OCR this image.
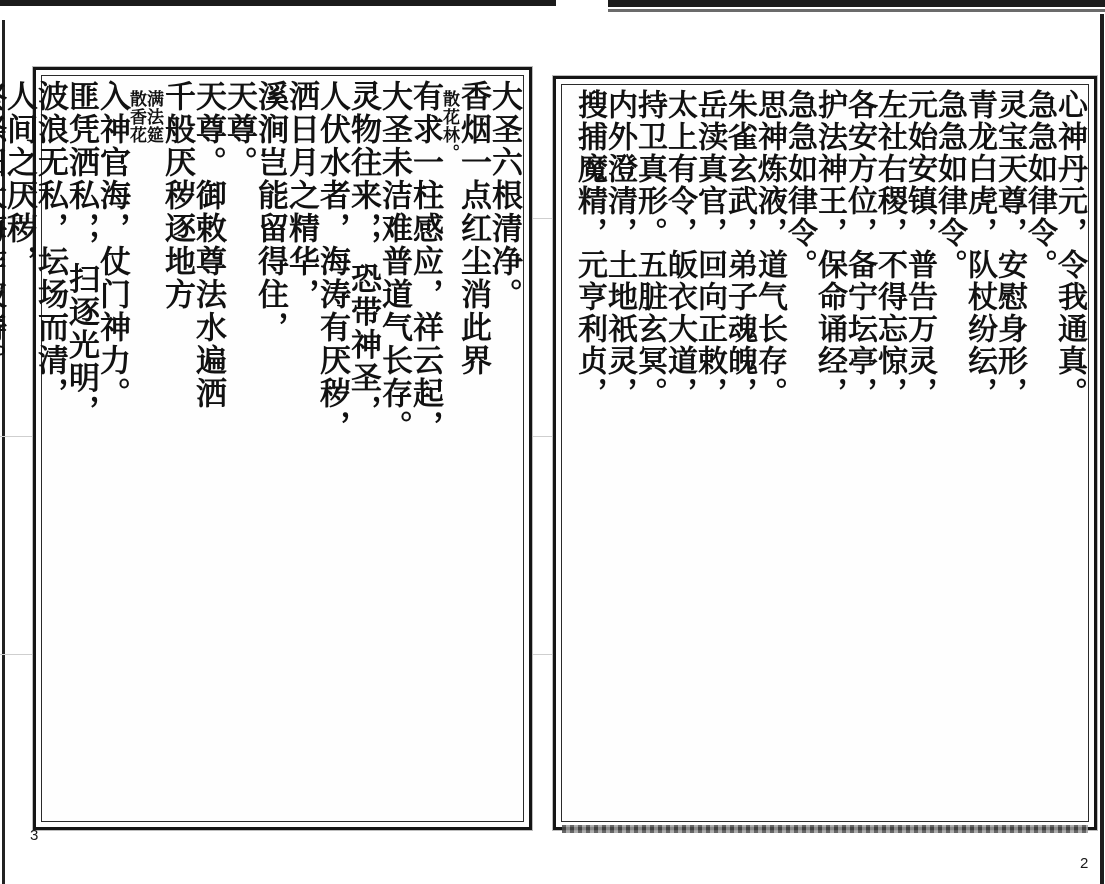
大圣六根清净。
香烟一点红尘消此界
散花林。
有求一柱感应，祥云起，
大圣未洁难普道气长存。
灵物往来，，恐带神圣，
人伏水者，海涛有厌秽，
洒日月之精华，
溪涧岂能留得住，
天尊。
天尊。御敕尊法水遍洒
千般厌秽逐地方
满法筵
散香花
入神官海，仗门神力。
匪凭洒私，，扫逐光明，
波浪无私，坛场而清，
人间之厌秽，	心神丹元，令我通真。
急急如律令。
灵宝天尊，安慰身形，
青龙白虎，队杖纷纭，
急急如律令。
元始安镇，普告万灵，
左社右稷，不得忘惊，
各安方位，备宁坛亭，
护法神王，保命诵经，
急急如律令。
思神炼液，道气长存。
朱雀玄武，弟子魂魄，
岳渎真官，回向正敕，
太上有令，皈衣大道，
持卫真形。五脏玄冥。
内外澄清，土地祇灵，
搜捕魔精，元亨利贞，
3
2
